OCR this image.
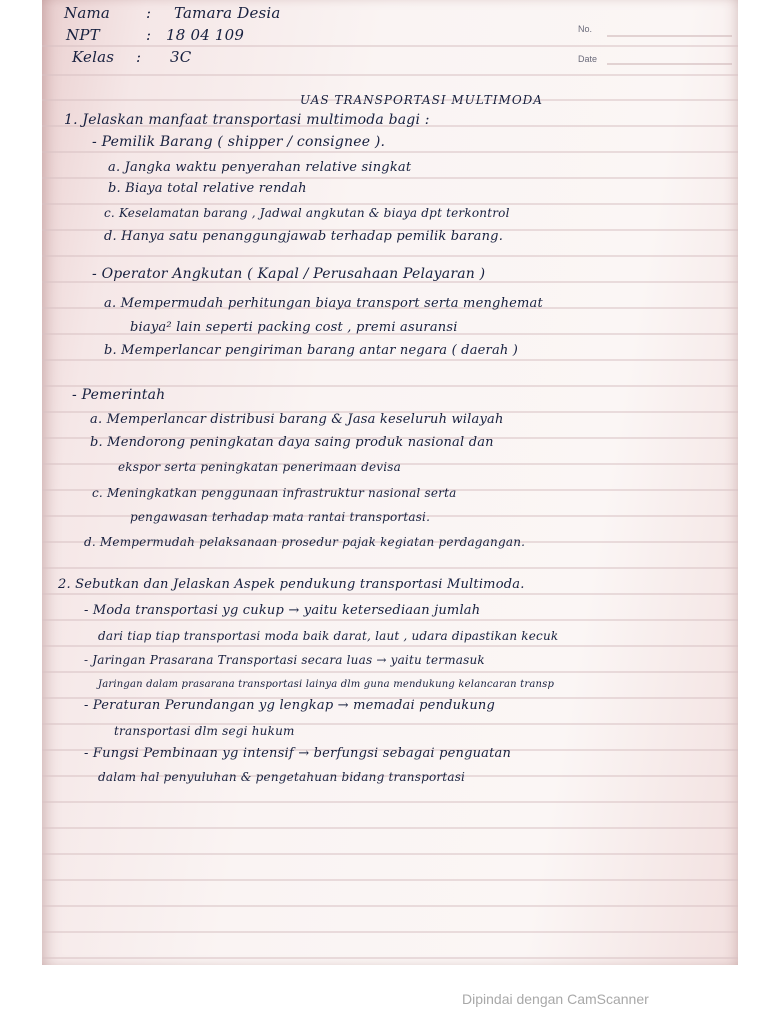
Nama : Tamara Desia
NPT	: 18 04 109
Kelas : 3C
No.
Date
UAS TRANSPORTASI MULTIMODA
1. Jelaskan manfaat transportasi multimoda bagi :
- Pemilik Barang ( shipper / consignee ).
a. Jangka waktu penyerahan relative singkat
b. Biaya total relative rendah
c. Keselamatan barang , Jadwal angkutan & biaya dpt terkontrol
d. Hanya satu penanggungjawab terhadap pemilik barang.
- Operator Angkutan ( Kapal / Perusahaan Pelayaran )
a. Mempermudah perhitungan biaya transport serta menghemat
biaya² lain seperti packing cost , premi asuransi
b. Memperlancar pengiriman barang antar negara ( daerah )
- Pemerintah
a. Memperlancar distribusi barang & Jasa keseluruh wilayah
b. Mendorong peningkatan daya saing produk nasional dan
ekspor serta peningkatan penerimaan devisa
c. Meningkatkan penggunaan infrastruktur nasional serta
pengawasan terhadap mata rantai transportasi.
d. Mempermudah pelaksanaan prosedur pajak kegiatan perdagangan.
2. Sebutkan dan Jelaskan Aspek pendukung transportasi Multimoda.
- Moda transportasi yg cukup → yaitu ketersediaan jumlah
dari tiap tiap transportasi moda baik darat, laut , udara dipastikan kecuk
- Jaringan Prasarana Transportasi secara luas → yaitu termasuk
Jaringan dalam prasarana transportasi lainya dlm guna mendukung kelancaran transp
- Peraturan Perundangan yg lengkap → memadai pendukung
transportasi dlm segi hukum
- Fungsi Pembinaan yg intensif → berfungsi sebagai penguatan
dalam hal penyuluhan & pengetahuan bidang transportasi
Dipindai dengan CamScanner
